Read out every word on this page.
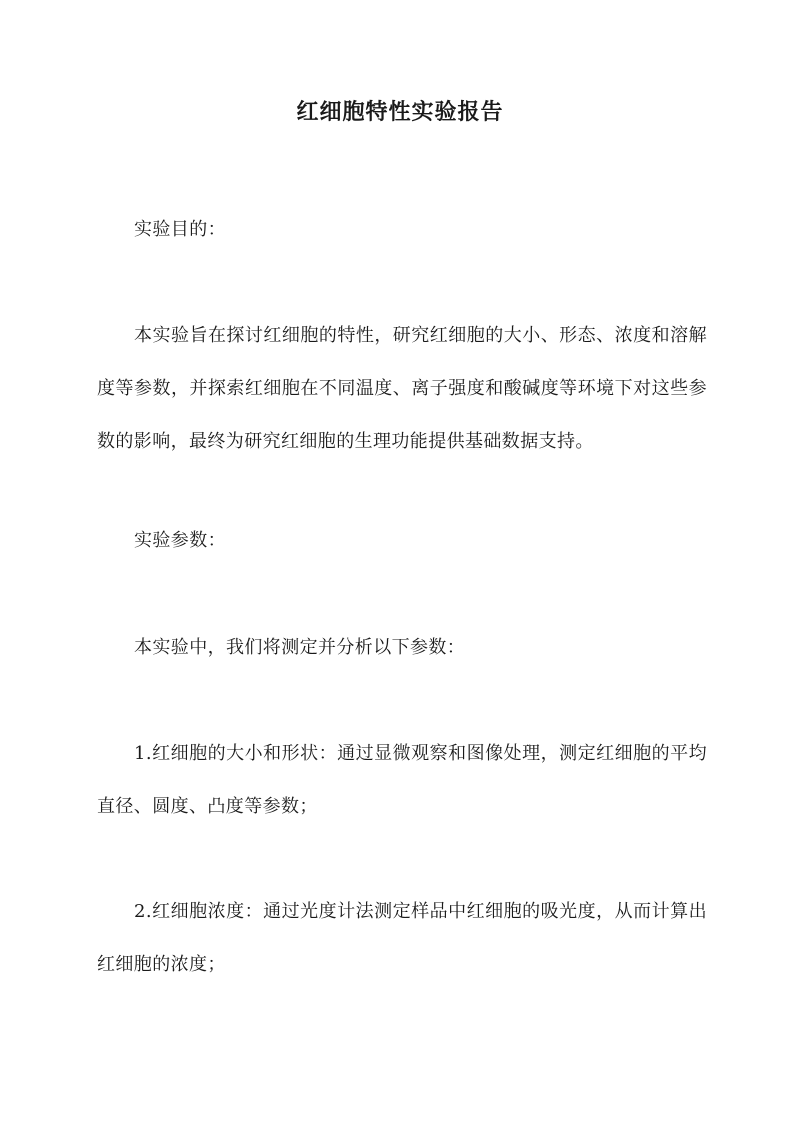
红细胞特性实验报告
实验目的：
本实验旨在探讨红细胞的特性，研究红细胞的大小、形态、浓度和溶解度等参数，并探索红细胞在不同温度、离子强度和酸碱度等环境下对这些参数的影响，最终为研究红细胞的生理功能提供基础数据支持。
实验参数：
本实验中，我们将测定并分析以下参数：
1.红细胞的大小和形状：通过显微观察和图像处理，测定红细胞的平均直径、圆度、凸度等参数；
2.红细胞浓度：通过光度计法测定样品中红细胞的吸光度，从而计算出红细胞的浓度；
